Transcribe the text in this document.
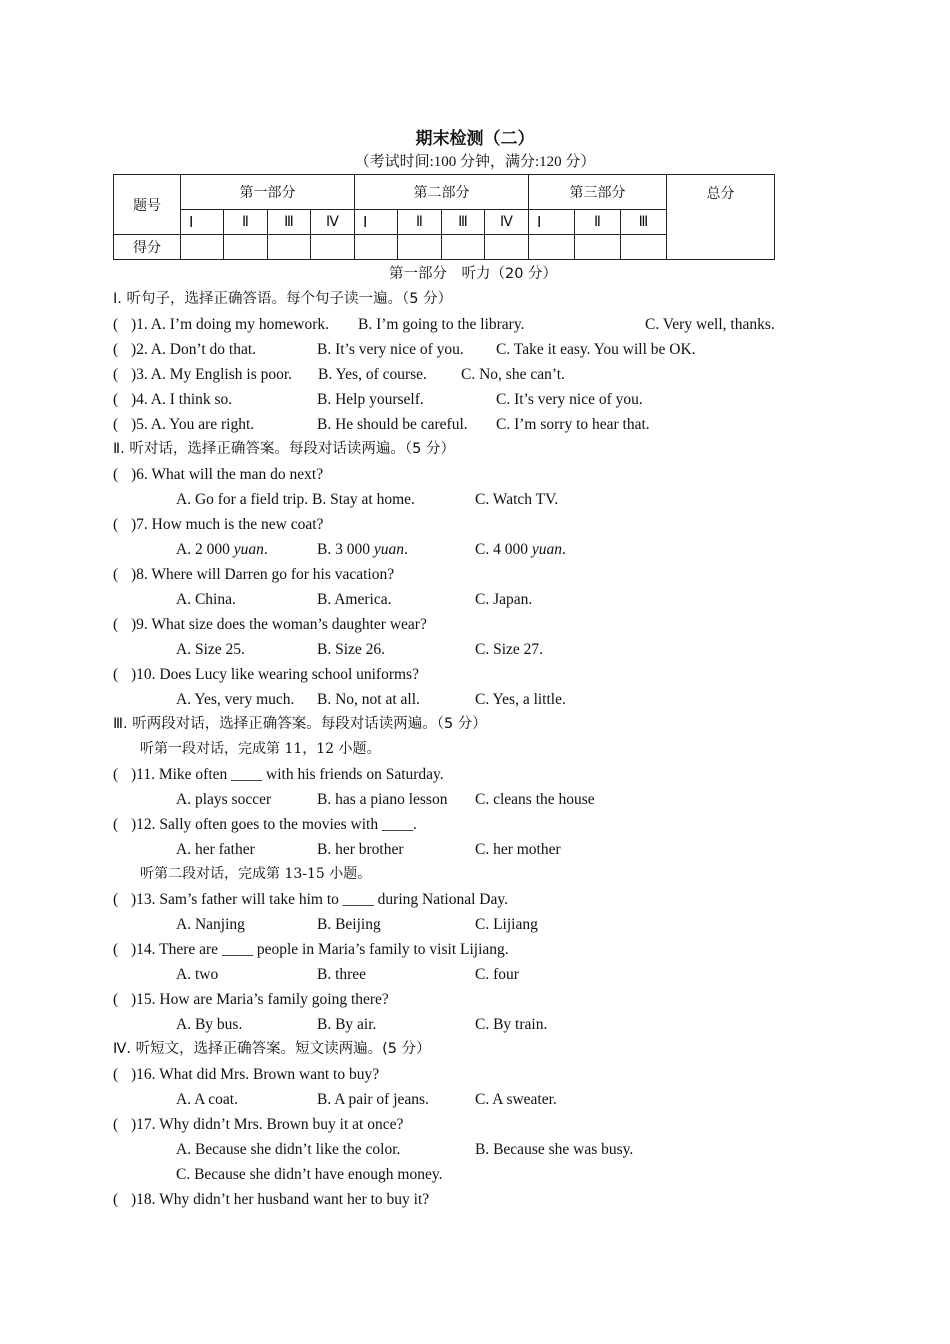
期末检测（二）
（考试时间:100 分钟，满分:120 分）
题号	第一部分				第二部分				第三部分			总分
	Ⅰ	Ⅱ	Ⅲ	Ⅳ	Ⅰ	Ⅱ	Ⅲ	Ⅳ	Ⅰ	Ⅱ	Ⅲ	
得分												
第一部分　听力（20 分）
Ⅰ. 听句子，选择正确答语。每个句子读一遍。（5 分）
( )1. A. I’m doing my homework. B. I’m going to the library.	C. Very well, thanks.
( )2. A. Don’t do that.	B. It’s very nice of you. C. Take it easy. You will be OK.
( )3. A. My English is poor. B. Yes, of course. C. No, she can’t.
( )4. A. I think so.	B. Help yourself.	C. It’s very nice of you.
( )5. A. You are right.	B. He should be careful. C. I’m sorry to hear that.
Ⅱ. 听对话，选择正确答案。每段对话读两遍。（5 分）
( )6. What will the man do next?
A. Go for a field trip. B. Stay at home.	C. Watch TV.
( )7. How much is the new coat?
A. 2 000 yuan.	B. 3 000 yuan.	C. 4 000 yuan.
( )8. Where will Darren go for his vacation?
A. China.	B. America.	C. Japan.
( )9. What size does the woman’s daughter wear?
A. Size 25.	B. Size 26.	C. Size 27.
( )10. Does Lucy like wearing school uniforms?
A. Yes, very much. B. No, not at all.	C. Yes, a little.
Ⅲ. 听两段对话，选择正确答案。每段对话读两遍。（5 分）
听第一段对话，完成第 11，12 小题。
( )11. Mike often ____ with his friends on Saturday.
A. plays soccer	B. has a piano lesson C. cleans the house
( )12. Sally often goes to the movies with ____.
A. her father	B. her brother	C. her mother
听第二段对话，完成第 13-15 小题。
( )13. Sam’s father will take him to ____ during National Day.
A. Nanjing	B. Beijing	C. Lijiang
( )14. There are ____ people in Maria’s family to visit Lijiang.
A. two	B. three	C. four
( )15. How are Maria’s family going there?
A. By bus.	B. By air.	C. By train.
Ⅳ. 听短文，选择正确答案。短文读两遍。(5 分）
( )16. What did Mrs. Brown want to buy?
A. A coat.	B. A pair of jeans.	C. A sweater.
( )17. Why didn’t Mrs. Brown buy it at once?
A. Because she didn’t like the color.	B. Because she was busy.
C. Because she didn’t have enough money.
( )18. Why didn’t her husband want her to buy it?
